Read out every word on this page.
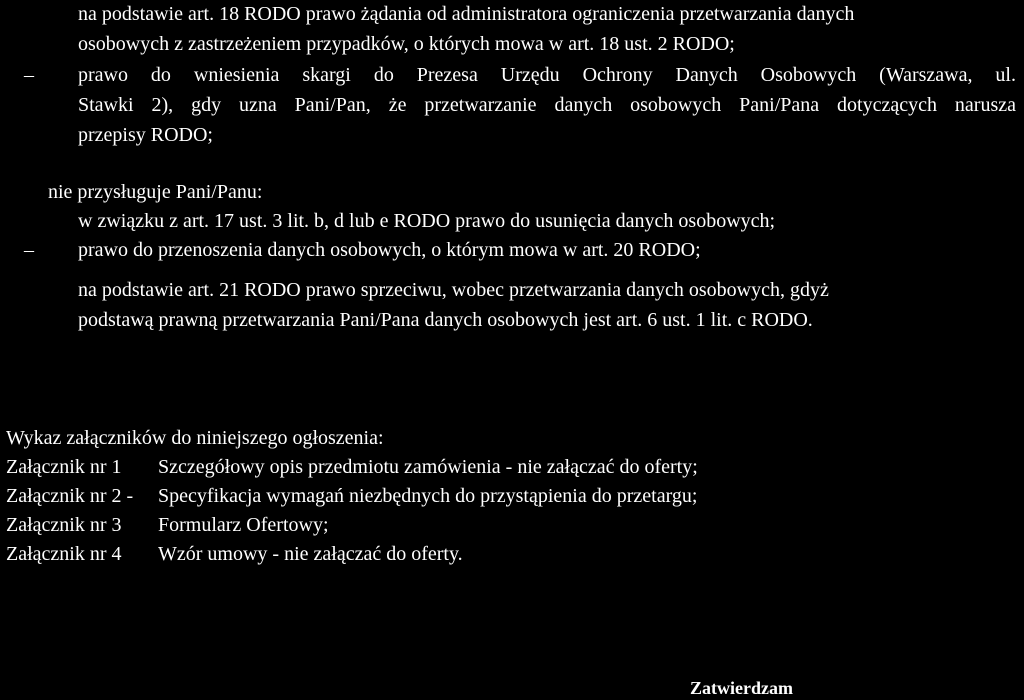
na podstawie art. 18 RODO prawo żądania od administratora ograniczenia przetwarzania danych
osobowych z zastrzeżeniem przypadków, o których mowa w art. 18 ust. 2 RODO;
– prawo do wniesienia skargi do Prezesa Urzędu Ochrony Danych Osobowych (Warszawa, ul.
Stawki 2), gdy uzna Pani/Pan, że przetwarzanie danych osobowych Pani/Pana dotyczących narusza
przepisy RODO;
nie przysługuje Pani/Panu:
w związku z art. 17 ust. 3 lit. b, d lub e RODO prawo do usunięcia danych osobowych;
– prawo do przenoszenia danych osobowych, o którym mowa w art. 20 RODO;
na podstawie art. 21 RODO prawo sprzeciwu, wobec przetwarzania danych osobowych, gdyż
podstawą prawną przetwarzania Pani/Pana danych osobowych jest art. 6 ust. 1 lit. c RODO.
Wykaz załączników do niniejszego ogłoszenia:
Załącznik nr 1 Szczegółowy opis przedmiotu zamówienia - nie załączać do oferty;
Załącznik nr 2 - Specyfikacja wymagań niezbędnych do przystąpienia do przetargu;
Załącznik nr 3 Formularz Ofertowy;
Załącznik nr 4 Wzór umowy - nie załączać do oferty.
Zatwierdzam
